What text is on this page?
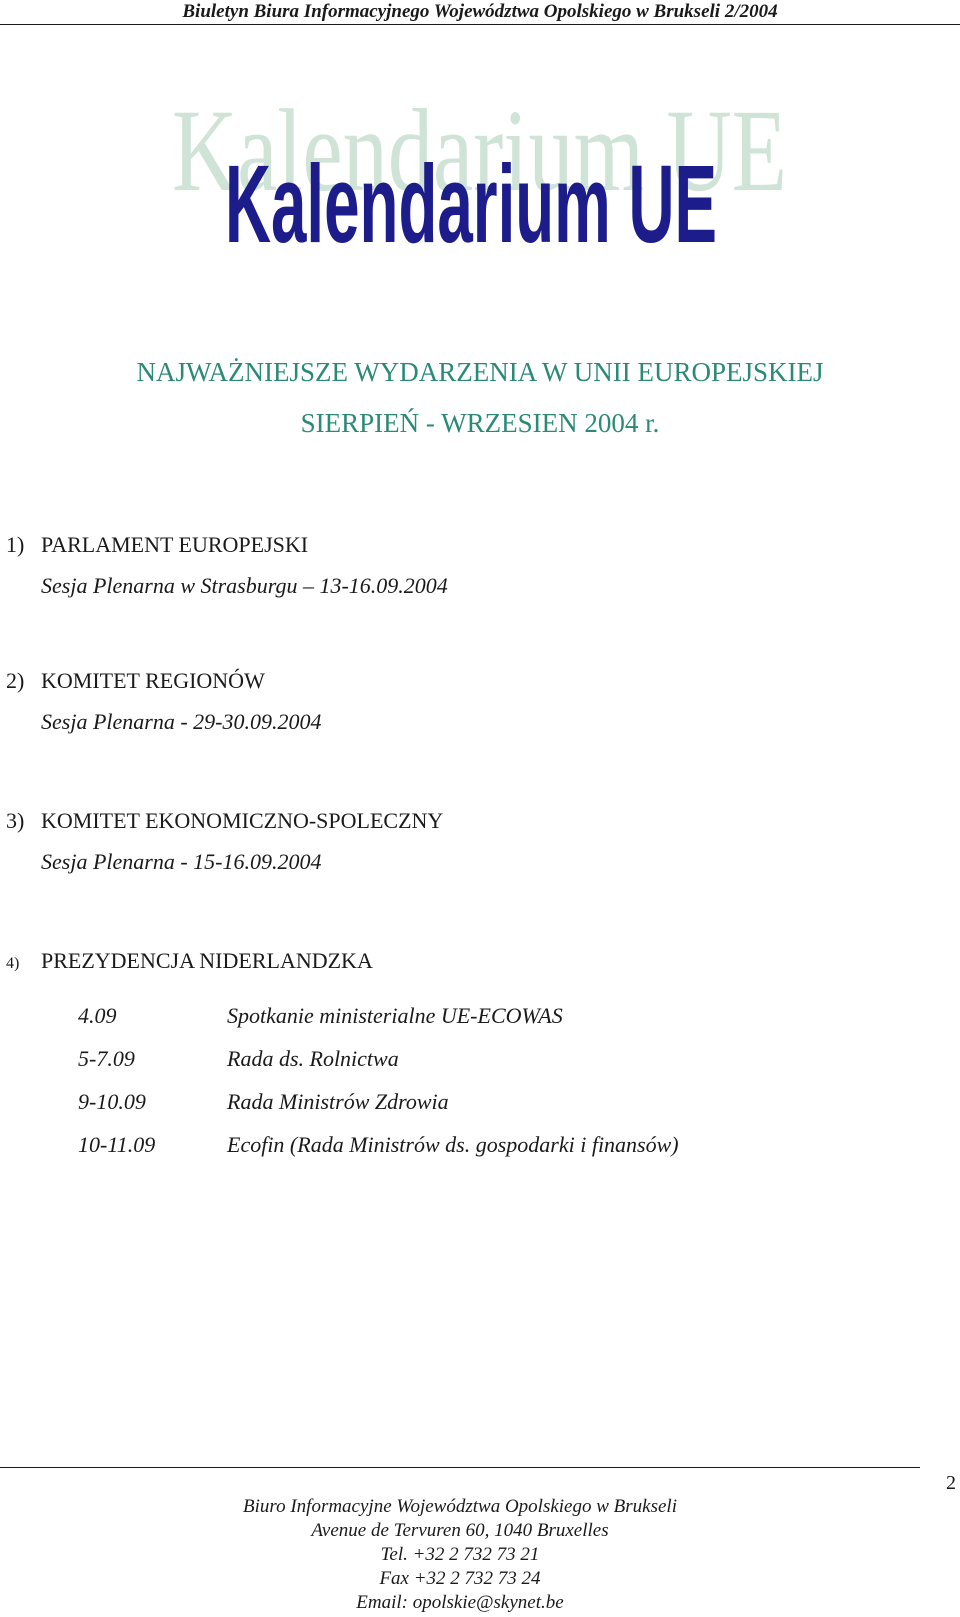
Biuletyn Biura Informacyjnego Województwa Opolskiego w Brukseli 2/2004
Kalendarium UE
Kalendarium UE
NAJWAŻNIEJSZE WYDARZENIA W UNII EUROPEJSKIEJ
SIERPIEŃ - WRZESIEN 2004 r.
1) PARLAMENT EUROPEJSKI
Sesja Plenarna w Strasburgu – 13-16.09.2004
2) KOMITET REGIONÓW
Sesja Plenarna - 29-30.09.2004
3) KOMITET EKONOMICZNO-SPOLECZNY
Sesja Plenarna - 15-16.09.2004
4) PREZYDENCJA NIDERLANDZKA
4.09	Spotkanie ministerialne UE-ECOWAS
5-7.09	Rada ds. Rolnictwa
9-10.09	Rada Ministrów Zdrowia
10-11.09	Ecofin (Rada Ministrów ds. gospodarki i finansów)
2
Biuro Informacyjne Województwa Opolskiego w Brukseli
Avenue de Tervuren 60, 1040 Bruxelles
Tel. +32 2 732 73 21
Fax +32 2 732 73 24
Email: opolskie@skynet.be
